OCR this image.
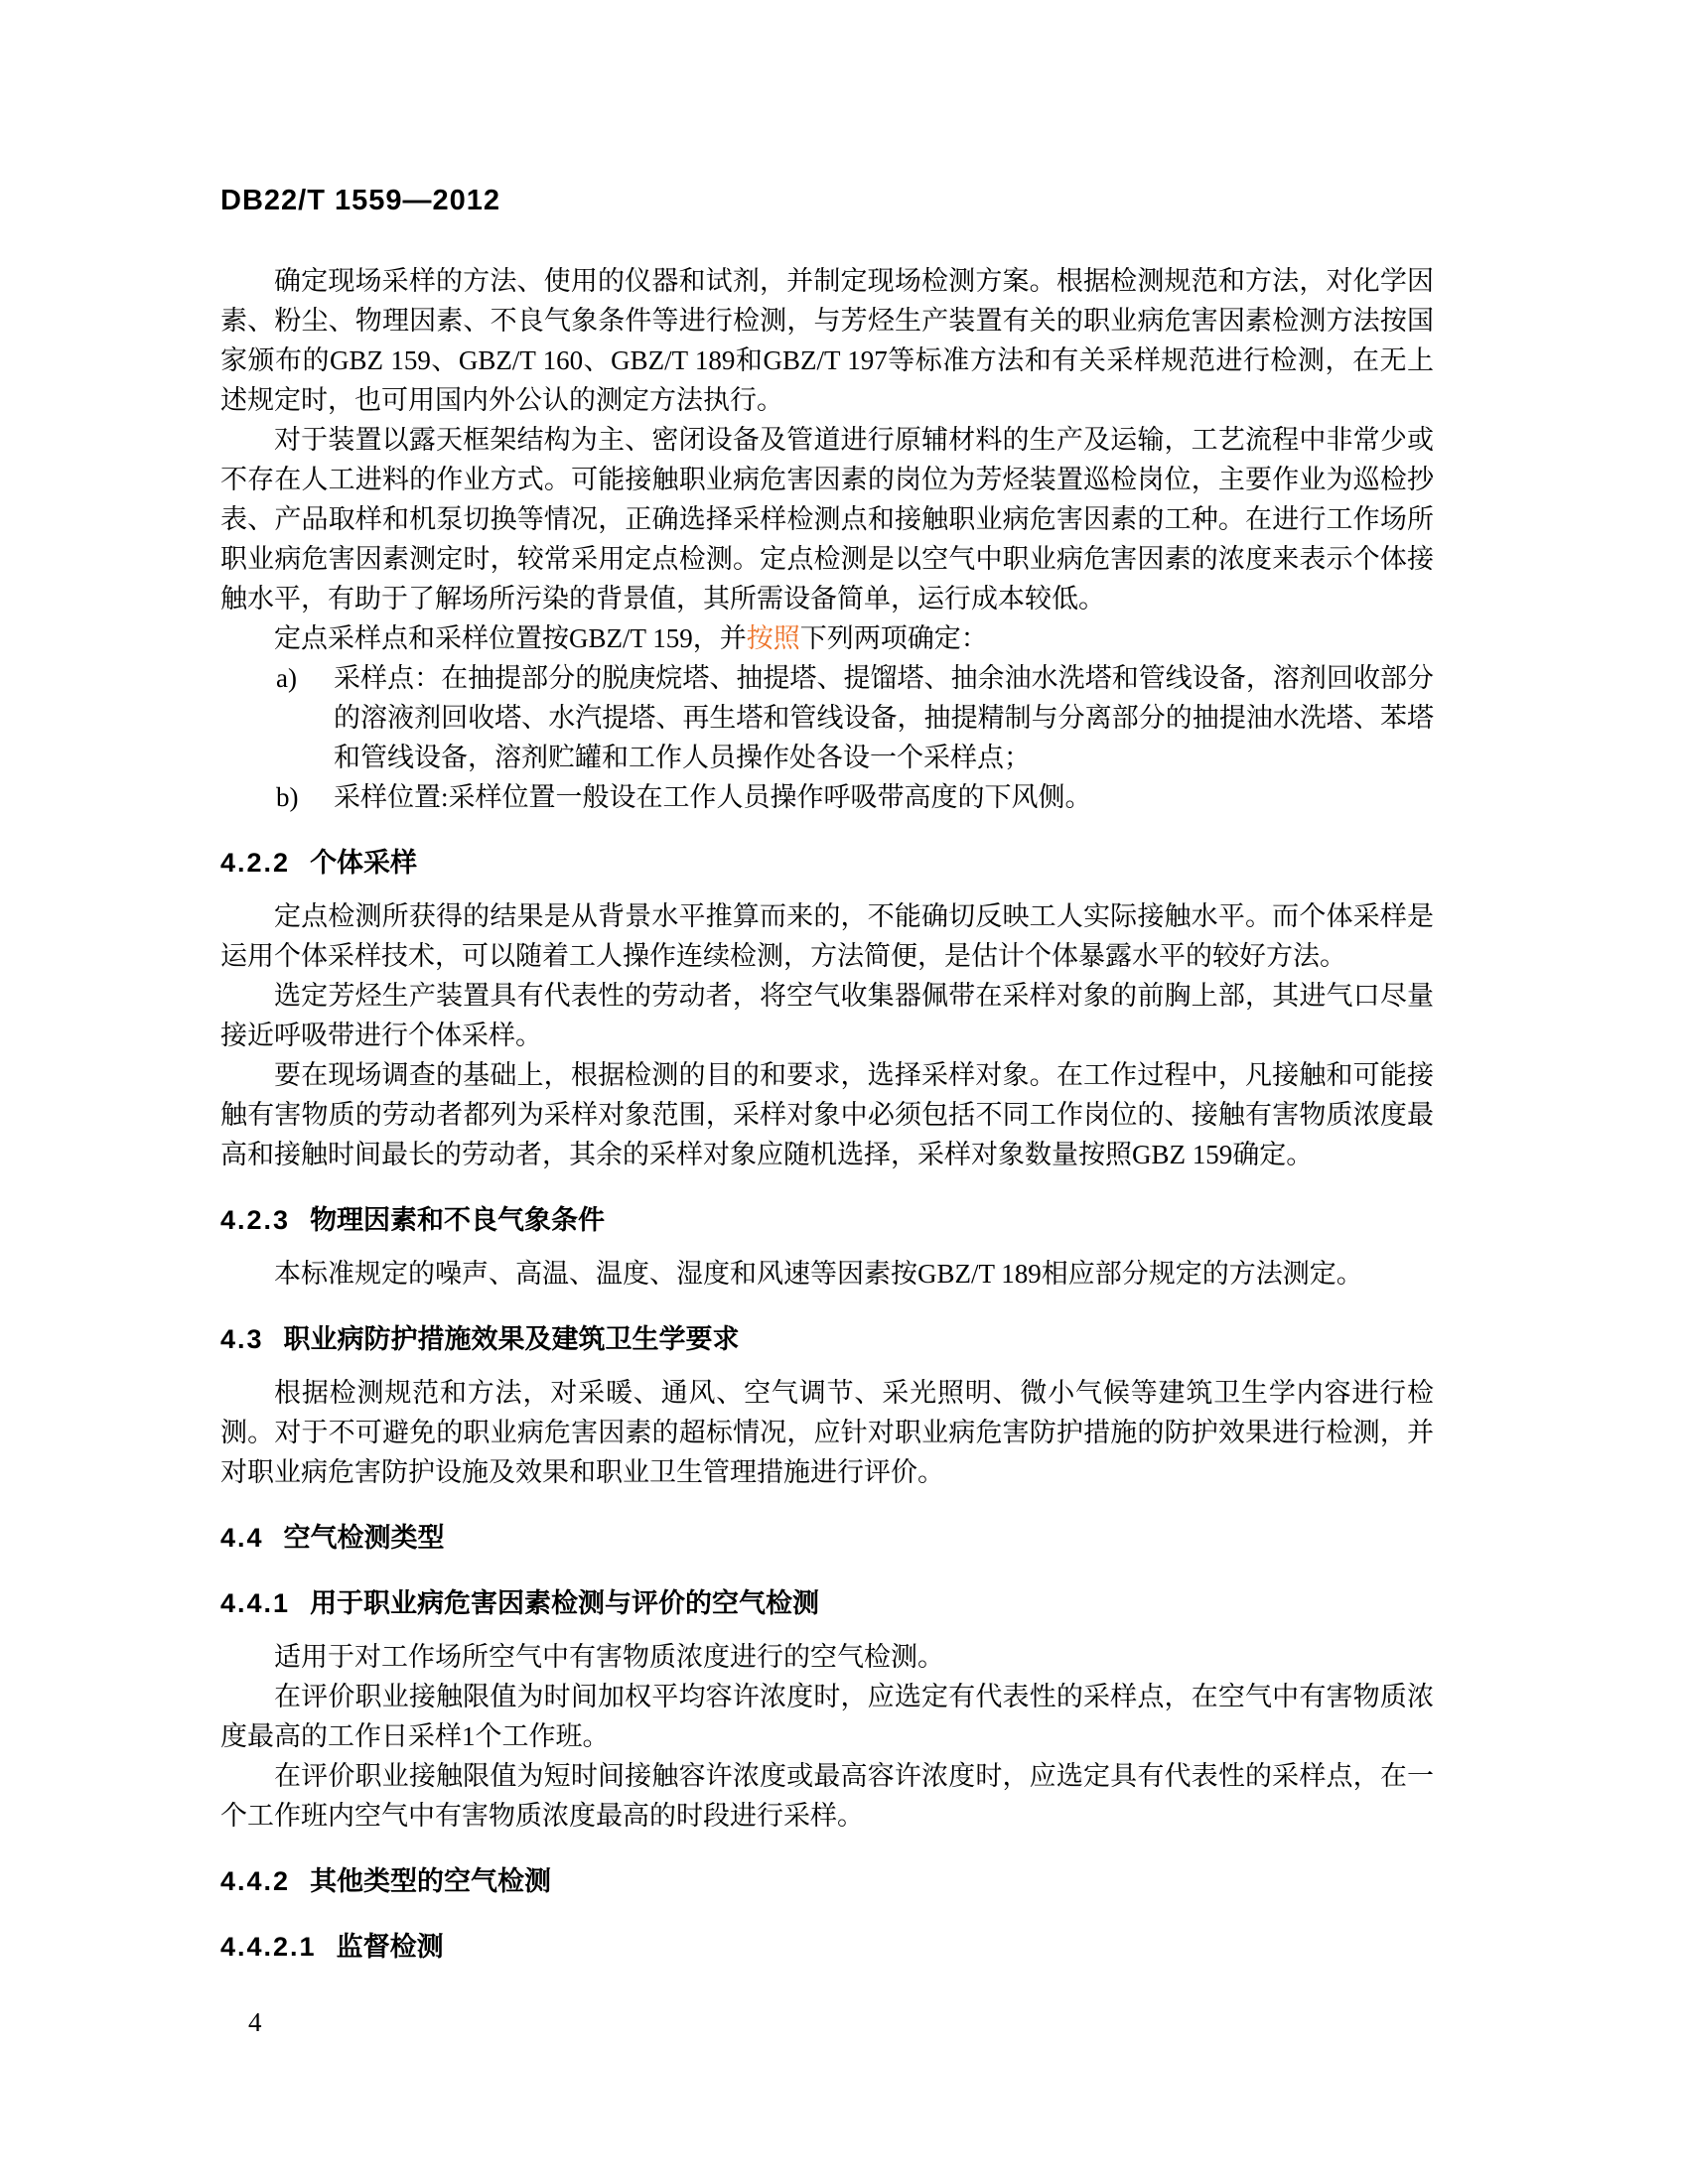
DB22/T 1559—2012

确定现场采样的方法、使用的仪器和试剂，并制定现场检测方案。根据检测规范和方法，对化学因素、粉尘、物理因素、不良气象条件等进行检测，与芳烃生产装置有关的职业病危害因素检测方法按国家颁布的GBZ 159、GBZ/T 160、GBZ/T 189和GBZ/T 197等标准方法和有关采样规范进行检测，在无上述规定时，也可用国内外公认的测定方法执行。

对于装置以露天框架结构为主、密闭设备及管道进行原辅材料的生产及运输，工艺流程中非常少或不存在人工进料的作业方式。可能接触职业病危害因素的岗位为芳烃装置巡检岗位，主要作业为巡检抄表、产品取样和机泵切换等情况，正确选择采样检测点和接触职业病危害因素的工种。在进行工作场所职业病危害因素测定时，较常采用定点检测。定点检测是以空气中职业病危害因素的浓度来表示个体接触水平，有助于了解场所污染的背景值，其所需设备简单，运行成本较低。

定点采样点和采样位置按GBZ/T 159，并按照下列两项确定：

a) 采样点：在抽提部分的脱庚烷塔、抽提塔、提馏塔、抽余油水洗塔和管线设备，溶剂回收部分的溶液剂回收塔、水汽提塔、再生塔和管线设备，抽提精制与分离部分的抽提油水洗塔、苯塔和管线设备，溶剂贮罐和工作人员操作处各设一个采样点；
b) 采样位置:采样位置一般设在工作人员操作呼吸带高度的下风侧。
4.2.2 个体采样

定点检测所获得的结果是从背景水平推算而来的，不能确切反映工人实际接触水平。而个体采样是运用个体采样技术，可以随着工人操作连续检测，方法简便，是估计个体暴露水平的较好方法。

选定芳烃生产装置具有代表性的劳动者，将空气收集器佩带在采样对象的前胸上部，其进气口尽量接近呼吸带进行个体采样。

要在现场调查的基础上，根据检测的目的和要求，选择采样对象。在工作过程中，凡接触和可能接触有害物质的劳动者都列为采样对象范围，采样对象中必须包括不同工作岗位的、接触有害物质浓度最高和接触时间最长的劳动者，其余的采样对象应随机选择，采样对象数量按照GBZ 159确定。

4.2.3 物理因素和不良气象条件

本标准规定的噪声、高温、温度、湿度和风速等因素按GBZ/T 189相应部分规定的方法测定。

4.3 职业病防护措施效果及建筑卫生学要求

根据检测规范和方法，对采暖、通风、空气调节、采光照明、微小气候等建筑卫生学内容进行检测。对于不可避免的职业病危害因素的超标情况，应针对职业病危害防护措施的防护效果进行检测，并对职业病危害防护设施及效果和职业卫生管理措施进行评价。

4.4 空气检测类型
4.4.1 用于职业病危害因素检测与评价的空气检测

适用于对工作场所空气中有害物质浓度进行的空气检测。

在评价职业接触限值为时间加权平均容许浓度时，应选定有代表性的采样点，在空气中有害物质浓度最高的工作日采样1个工作班。

在评价职业接触限值为短时间接触容许浓度或最高容许浓度时，应选定具有代表性的采样点，在一个工作班内空气中有害物质浓度最高的时段进行采样。

4.4.2 其他类型的空气检测
4.4.2.1 监督检测
4
